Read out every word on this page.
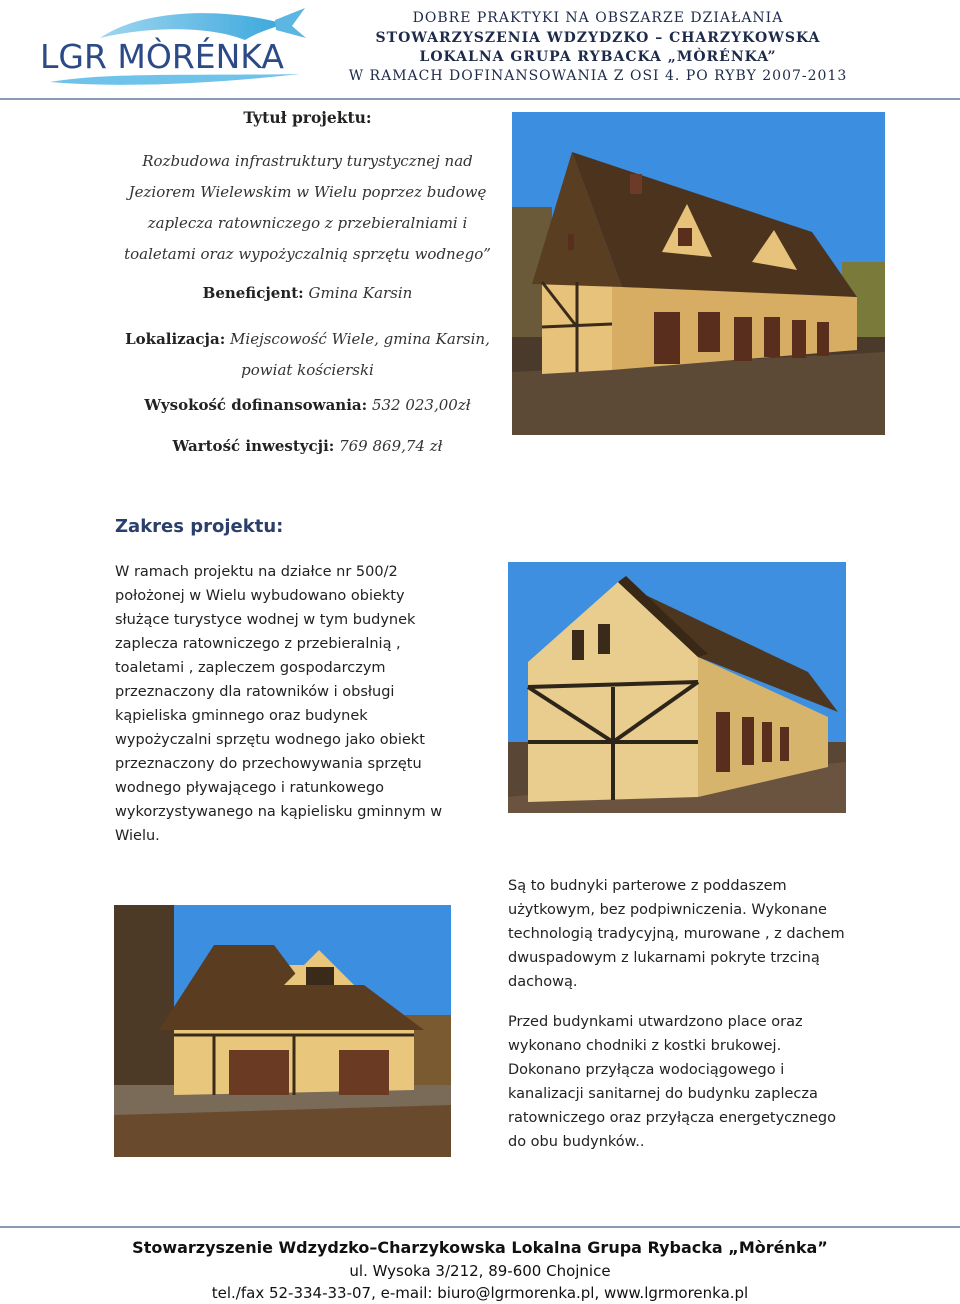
LGR MÒRÉNKA
DOBRE PRAKTYKI NA OBSZARZE DZIAŁANIA
STOWARZYSZENIA WDZYDZKO – CHARZYKOWSKA
LOKALNA GRUPA RYBACKA „MÒRÉNKA”
W RAMACH DOFINANSOWANIA Z OSI 4. PO RYBY 2007-2013
Tytuł projektu:
Rozbudowa infrastruktury turystycznej nad Jeziorem Wielewskim w Wielu poprzez budowę zaplecza ratowniczego z przebieralniami i toaletami oraz wypożyczalnią sprzętu wodnego”
Beneficjent: Gmina Karsin
Lokalizacja: Miejscowość Wiele, gmina Karsin,
powiat kościerski
Wysokość dofinansowania: 532 023,00zł
Wartość inwestycji: 769 869,74 zł
Zakres projektu:
W ramach projektu na działce nr 500/2 położonej w Wielu wybudowano obiekty służące turystyce wodnej w tym budynek zaplecza ratowniczego z przebieralnią , toaletami , zapleczem gospodarczym przeznaczony dla ratowników i obsługi kąpieliska gminnego oraz budynek wypożyczalni sprzętu wodnego jako obiekt przeznaczony do przechowywania sprzętu wodnego pływającego i ratunkowego wykorzystywanego na kąpielisku gminnym w Wielu.
Są to budnyki parterowe z poddaszem użytkowym, bez podpiwniczenia. Wykonane technologią tradycyjną, murowane , z dachem dwuspadowym z lukarnami pokryte trzciną dachową.
Przed budynkami utwardzono place oraz wykonano chodniki z kostki brukowej. Dokonano przyłącza wodociągowego i kanalizacji sanitarnej do budynku zaplecza ratowniczego oraz przyłącza energetycznego do obu budynków..
Stowarzyszenie Wdzydzko–Charzykowska Lokalna Grupa Rybacka „Mòrénka”
ul. Wysoka 3/212, 89-600 Chojnice
tel./fax 52-334-33-07, e-mail: biuro@lgrmorenka.pl, www.lgrmorenka.pl
